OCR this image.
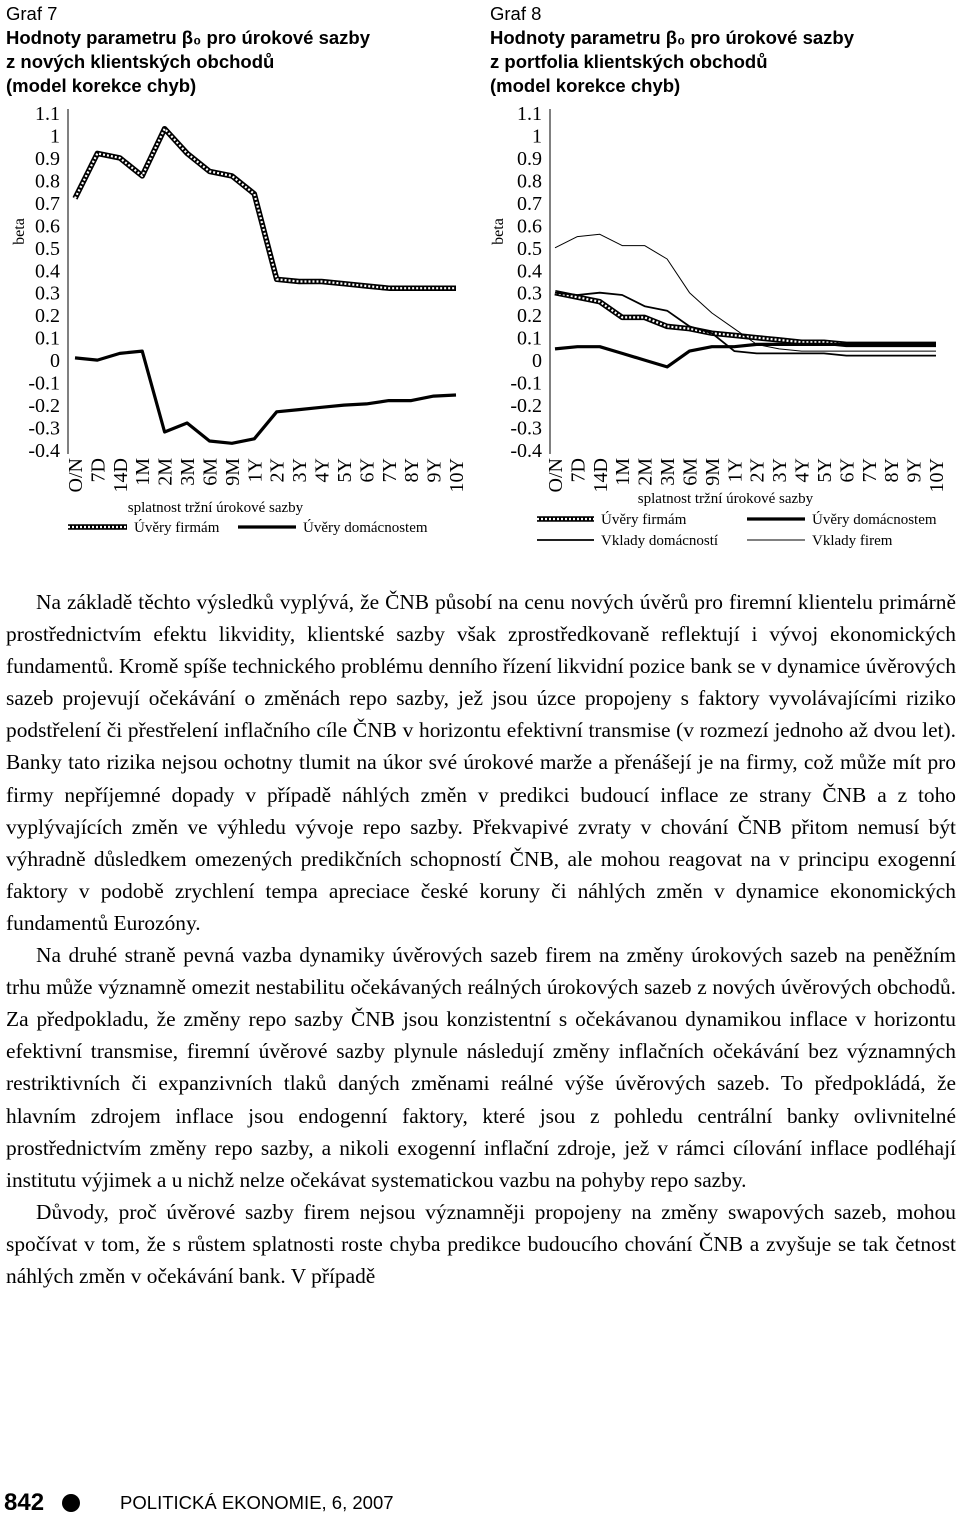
Graf 7
Hodnoty parametru β₀ pro úrokové sazby
z nových klientských obchodů
(model korekce chyb)
1.1
1
0.9
0.8
0.7
0.6
0.5
0.4
0.3
0.2
0.1
0
-0.1
-0.2
-0.3
-0.4
beta
O/N 7D 14D 1M 2M 3M 6M 9M 1Y 2Y 3Y 4Y 5Y 6Y 7Y 8Y 9Y 10Y
splatnost tržní úrokové sazby
Úvěry firmám	Úvěry domácnostem
Graf 8
Hodnoty parametru β₀ pro úrokové sazby
z portfolia klientských obchodů
(model korekce chyb)
1.1
1
0.9
0.8
0.7
0.6
0.5
0.4
0.3
0.2
0.1
0
-0.1
-0.2
-0.3
-0.4
beta
O/N 7D 14D 1M 2M 3M 6M 9M 1Y 2Y 3Y 4Y 5Y 6Y 7Y 8Y 9Y 10Y
splatnost tržní úrokové sazby
Úvěry firmám	Úvěry domácnostem
Vklady domácností	Vklady firem

Na základě těchto výsledků vyplývá, že ČNB působí na cenu nových úvěrů pro firemní klientelu primárně prostřednictvím efektu likvidity, klientské sazby však zprostředkovaně reflektují i vývoj ekonomických fundamentů. Kromě spíše technického problému denního řízení likvidní pozice bank se v dynamice úvěrových sazeb projevují očekávání o změnách repo sazby, jež jsou úzce propojeny s faktory vyvolávajícími riziko podstřelení či přestřelení inflačního cíle ČNB v horizontu efektivní transmise (v rozmezí jednoho až dvou let). Banky tato rizika nejsou ochotny tlumit na úkor své úrokové marže a přenášejí je na firmy, což může mít pro firmy nepříjemné dopady v případě náhlých změn v predikci budoucí inflace ze strany ČNB a z toho vyplývajících změn ve výhledu vývoje repo sazby. Překvapivé zvraty v chování ČNB přitom nemusí být výhradně důsledkem omezených predikčních schopností ČNB, ale mohou reagovat na v principu exogenní faktory v podobě zrychlení tempa apreciace české koruny či náhlých změn v dynamice ekonomických fundamentů Eurozóny.

Na druhé straně pevná vazba dynamiky úvěrových sazeb firem na změny úrokových sazeb na peněžním trhu může významně omezit nestabilitu očekávaných reálných úrokových sazeb z nových úvěrových obchodů. Za předpokladu, že změny repo sazby ČNB jsou konzistentní s očekávanou dynamikou inflace v horizontu efektivní transmise, firemní úvěrové sazby plynule následují změny inflačních očekávání bez významných restriktivních či expanzivních tlaků daných změnami reálné výše úvěrových sazeb. To předpokládá, že hlavním zdrojem inflace jsou endogenní faktory, které jsou z pohledu centrální banky ovlivnitelné prostřednictvím změny repo sazby, a nikoli exogenní inflační zdroje, jež v rámci cílování inflace podléhají institutu výjimek a u nichž nelze očekávat systematickou vazbu na pohyby repo sazby.

Důvody, proč úvěrové sazby firem nejsou významněji propojeny na změny swapových sazeb, mohou spočívat v tom, že s růstem splatnosti roste chyba predikce budoucího chování ČNB a zvyšuje se tak četnost náhlých změn v očekávání bank. V případě

842	POLITICKÁ EKONOMIE, 6, 2007
